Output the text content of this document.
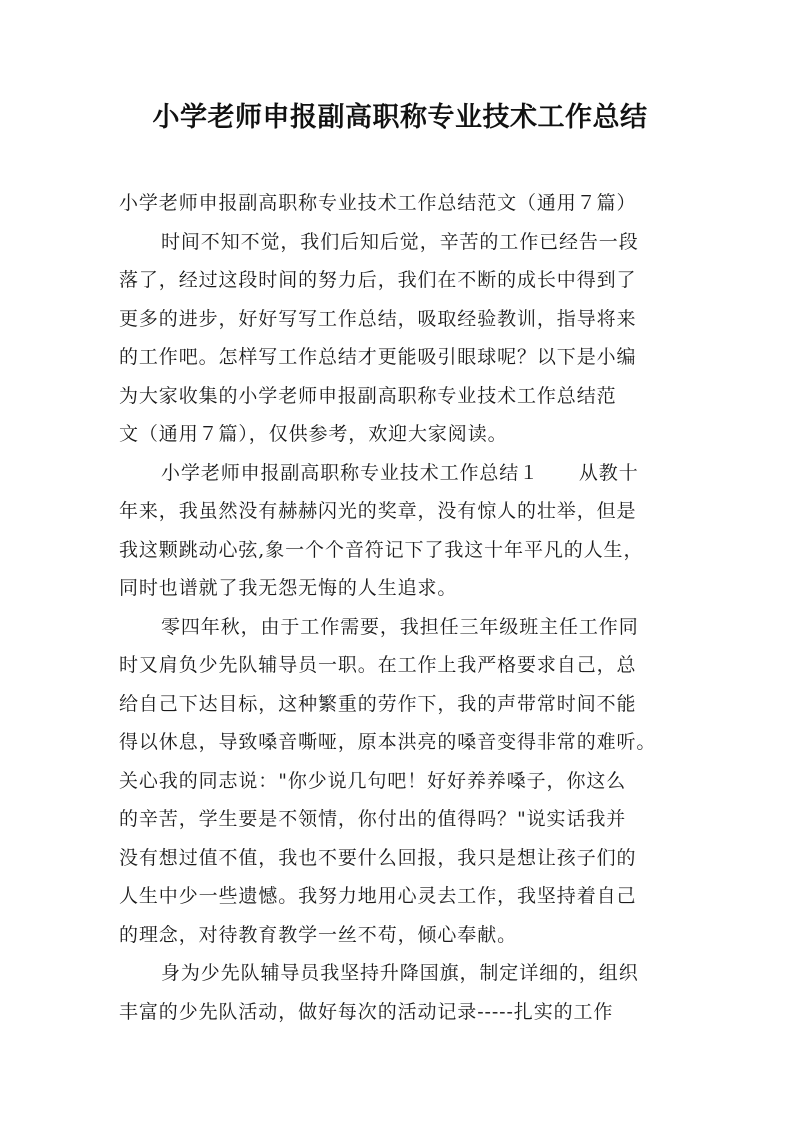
小学老师申报副高职称专业技术工作总结
小学老师申报副高职称专业技术工作总结范文（通用７篇）
时间不知不觉，我们后知后觉，辛苦的工作已经告一段
落了，经过这段时间的努力后，我们在不断的成长中得到了
更多的进步，好好写写工作总结，吸取经验教训，指导将来
的工作吧。怎样写工作总结才更能吸引眼球呢？以下是小编
为大家收集的小学老师申报副高职称专业技术工作总结范
文（通用７篇），仅供参考，欢迎大家阅读。
小学老师申报副高职称专业技术工作总结１　　从教十
年来，我虽然没有赫赫闪光的奖章，没有惊人的壮举，但是
我这颗跳动心弦,象一个个音符记下了我这十年平凡的人生，
同时也谱就了我无怨无悔的人生追求。
零四年秋，由于工作需要，我担任三年级班主任工作同
时又肩负少先队辅导员一职。在工作上我严格要求自己，总
给自己下达目标，这种繁重的劳作下，我的声带常时间不能
得以休息，导致嗓音嘶哑，原本洪亮的嗓音变得非常的难听。
关心我的同志说："你少说几句吧！好好养养嗓子，你这么
的辛苦，学生要是不领情，你付出的值得吗？"说实话我并
没有想过值不值，我也不要什么回报，我只是想让孩子们的
人生中少一些遗憾。我努力地用心灵去工作，我坚持着自己
的理念，对待教育教学一丝不苟，倾心奉献。
身为少先队辅导员我坚持升降国旗，制定详细的，组织
丰富的少先队活动，做好每次的活动记录-----扎实的工作
